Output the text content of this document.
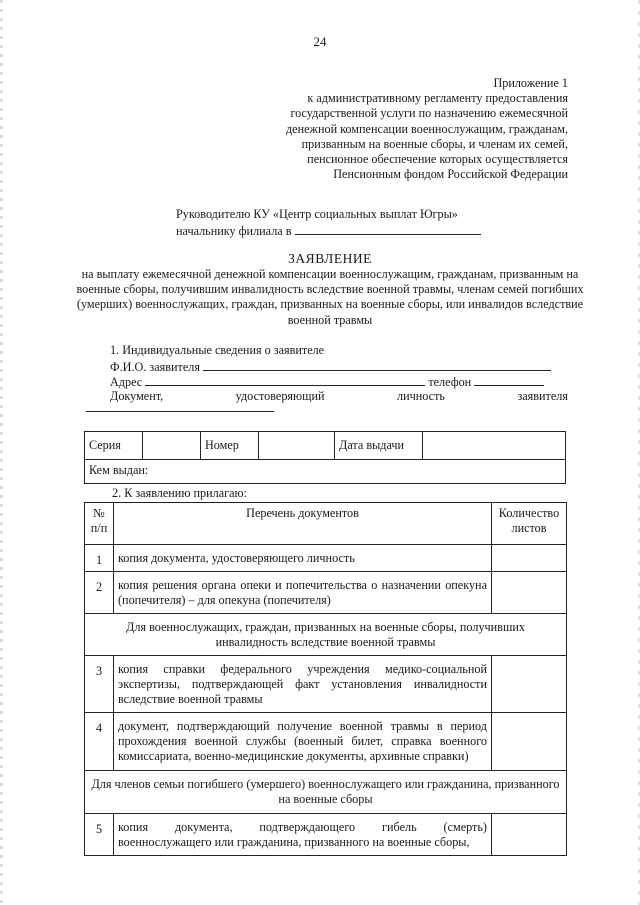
24
Приложение 1
к административному регламенту предоставления
государственной услуги по назначению ежемесячной
денежной компенсации военнослужащим, гражданам,
призванным на военные сборы, и членам их семей,
пенсионное обеспечение которых осуществляется
Пенсионным фондом Российской Федерации
Руководителю КУ «Центр социальных выплат Югры»
начальнику филиала в
ЗАЯВЛЕНИЕ
на выплату ежемесячной денежной компенсации военнослужащим, гражданам, призванным на военные сборы, получившим инвалидность вследствие военной травмы, членам семей погибших (умерших) военнослужащих, граждан, призванных на военные сборы, или инвалидов вследствие военной травмы
1. Индивидуальные сведения о заявителе
Ф.И.О. заявителя
Адрес	телефон
Документ,	удостоверяющий	личность	заявителя
Серия	Номер	Дата выдачи
Кем выдан:
2. К заявлению прилагаю:
№ п/п	Перечень документов	Количество листов
1	копия документа, удостоверяющего личность	
2	копия решения органа опеки и попечительства о назначении опекуна (попечителя) – для опекуна (попечителя)	
Для военнослужащих, граждан, призванных на военные сборы, получивших инвалидность вследствие военной травмы		
3	копия справки федерального учреждения медико-социальной экспертизы, подтверждающей факт установления инвалидности вследствие военной травмы	
4	документ, подтверждающий получение военной травмы в период прохождения военной службы (военный билет, справка военного комиссариата, военно-медицинские документы, архивные справки)	
Для членов семьи погибшего (умершего) военнослужащего или гражданина, призванного на военные сборы		
5	копия документа, подтверждающего гибель (смерть) военнослужащего или гражданина, призванного на военные сборы,	
